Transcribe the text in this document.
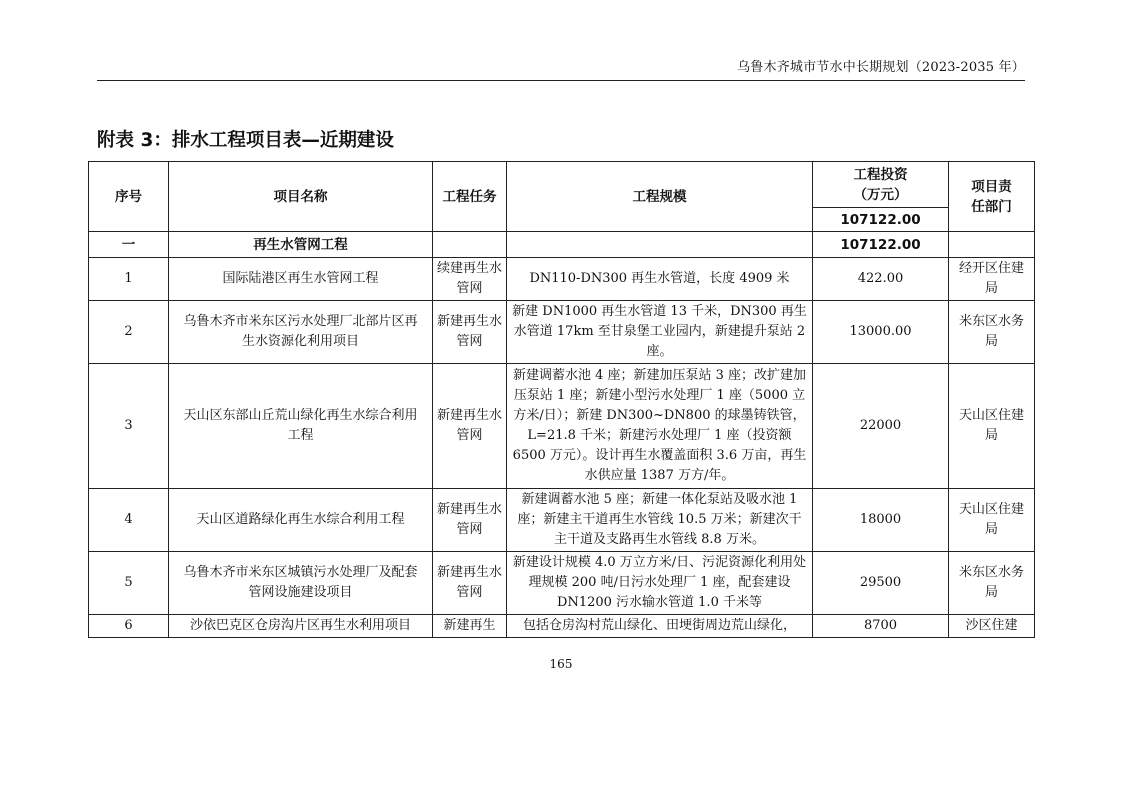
乌鲁木齐城市节水中长期规划（2023-2035 年）
附表 3：排水工程项目表—近期建设
序号	项目名称	工程任务	工程规模	工程投资（万元）	项目责任部门
				107122.00	
一	再生水管网工程			107122.00	
1	国际陆港区再生水管网工程	续建再生水管网	DN110-DN300 再生水管道，长度 4909 米	422.00	经开区住建局
2	乌鲁木齐市米东区污水处理厂北部片区再生水资源化利用项目	新建再生水管网	新建 DN1000 再生水管道 13 千米，DN300 再生水管道 17km 至甘泉堡工业园内，新建提升泵站 2 座。	13000.00	米东区水务局
3	天山区东部山丘荒山绿化再生水综合利用工程	新建再生水管网	新建调蓄水池 4 座；新建加压泵站 3 座；改扩建加压泵站 1 座；新建小型污水处理厂 1 座（5000 立方米/日）；新建 DN300~DN800 的球墨铸铁管，L=21.8 千米；新建污水处理厂 1 座（投资额 6500 万元）。设计再生水覆盖面积 3.6 万亩，再生水供应量 1387 万方/年。	22000	天山区住建局
4	天山区道路绿化再生水综合利用工程	新建再生水管网	新建调蓄水池 5 座；新建一体化泵站及吸水池 1 座；新建主干道再生水管线 10.5 万米；新建次干主干道及支路再生水管线 8.8 万米。	18000	天山区住建局
5	乌鲁木齐市米东区城镇污水处理厂及配套管网设施建设项目	新建再生水管网	新建设计规模 4.0 万立方米/日、污泥资源化利用处理规模 200 吨/日污水处理厂 1 座，配套建设 DN1200 污水输水管道 1.0 千米等	29500	米东区水务局
6	沙依巴克区仓房沟片区再生水利用项目	新建再生	包括仓房沟村荒山绿化、田埂街周边荒山绿化，	8700	沙区住建
165
